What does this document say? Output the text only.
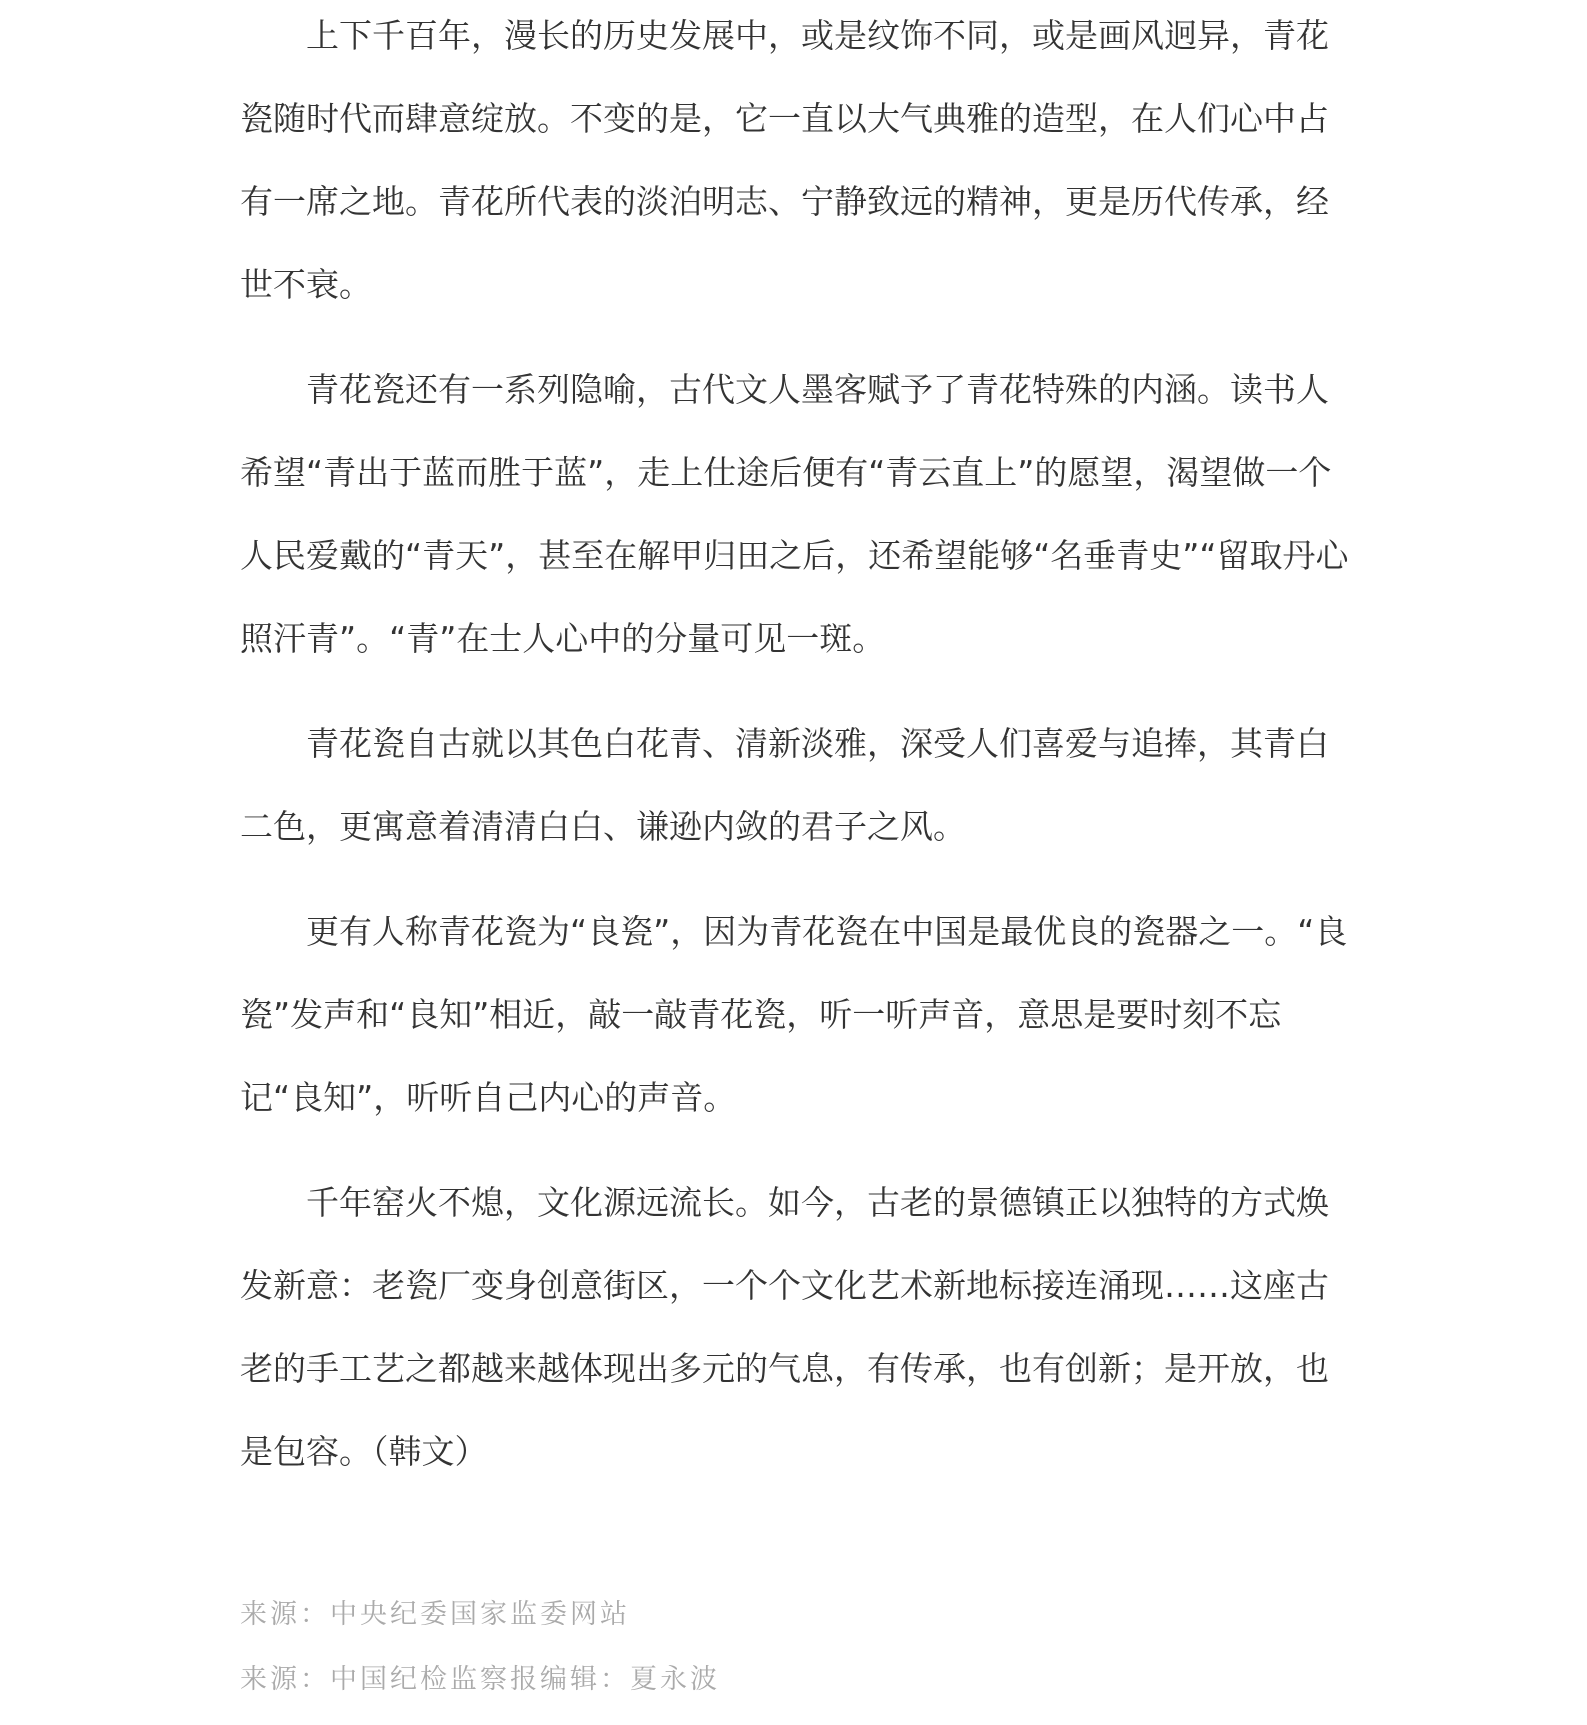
上下千百年，漫长的历史发展中，或是纹饰不同，或是画风迥异，青花瓷随时代而肆意绽放。不变的是，它一直以大气典雅的造型，在人们心中占有一席之地。青花所代表的淡泊明志、宁静致远的精神，更是历代传承，经世不衰。

青花瓷还有一系列隐喻，古代文人墨客赋予了青花特殊的内涵。读书人希望“青出于蓝而胜于蓝”，走上仕途后便有“青云直上”的愿望，渴望做一个人民爱戴的“青天”，甚至在解甲归田之后，还希望能够“名垂青史”“留取丹心照汗青”。“青”在士人心中的分量可见一斑。

青花瓷自古就以其色白花青、清新淡雅，深受人们喜爱与追捧，其青白二色，更寓意着清清白白、谦逊内敛的君子之风。

更有人称青花瓷为“良瓷”，因为青花瓷在中国是最优良的瓷器之一。“良瓷”发声和“良知”相近，敲一敲青花瓷，听一听声音，意思是要时刻不忘记“良知”，听听自己内心的声音。

千年窑火不熄，文化源远流长。如今，古老的景德镇正以独特的方式焕发新意：老瓷厂变身创意街区，一个个文化艺术新地标接连涌现……这座古老的手工艺之都越来越体现出多元的气息，有传承，也有创新；是开放，也是包容。（韩文）

来源：中央纪委国家监委网站

来源：中国纪检监察报编辑：夏永波
